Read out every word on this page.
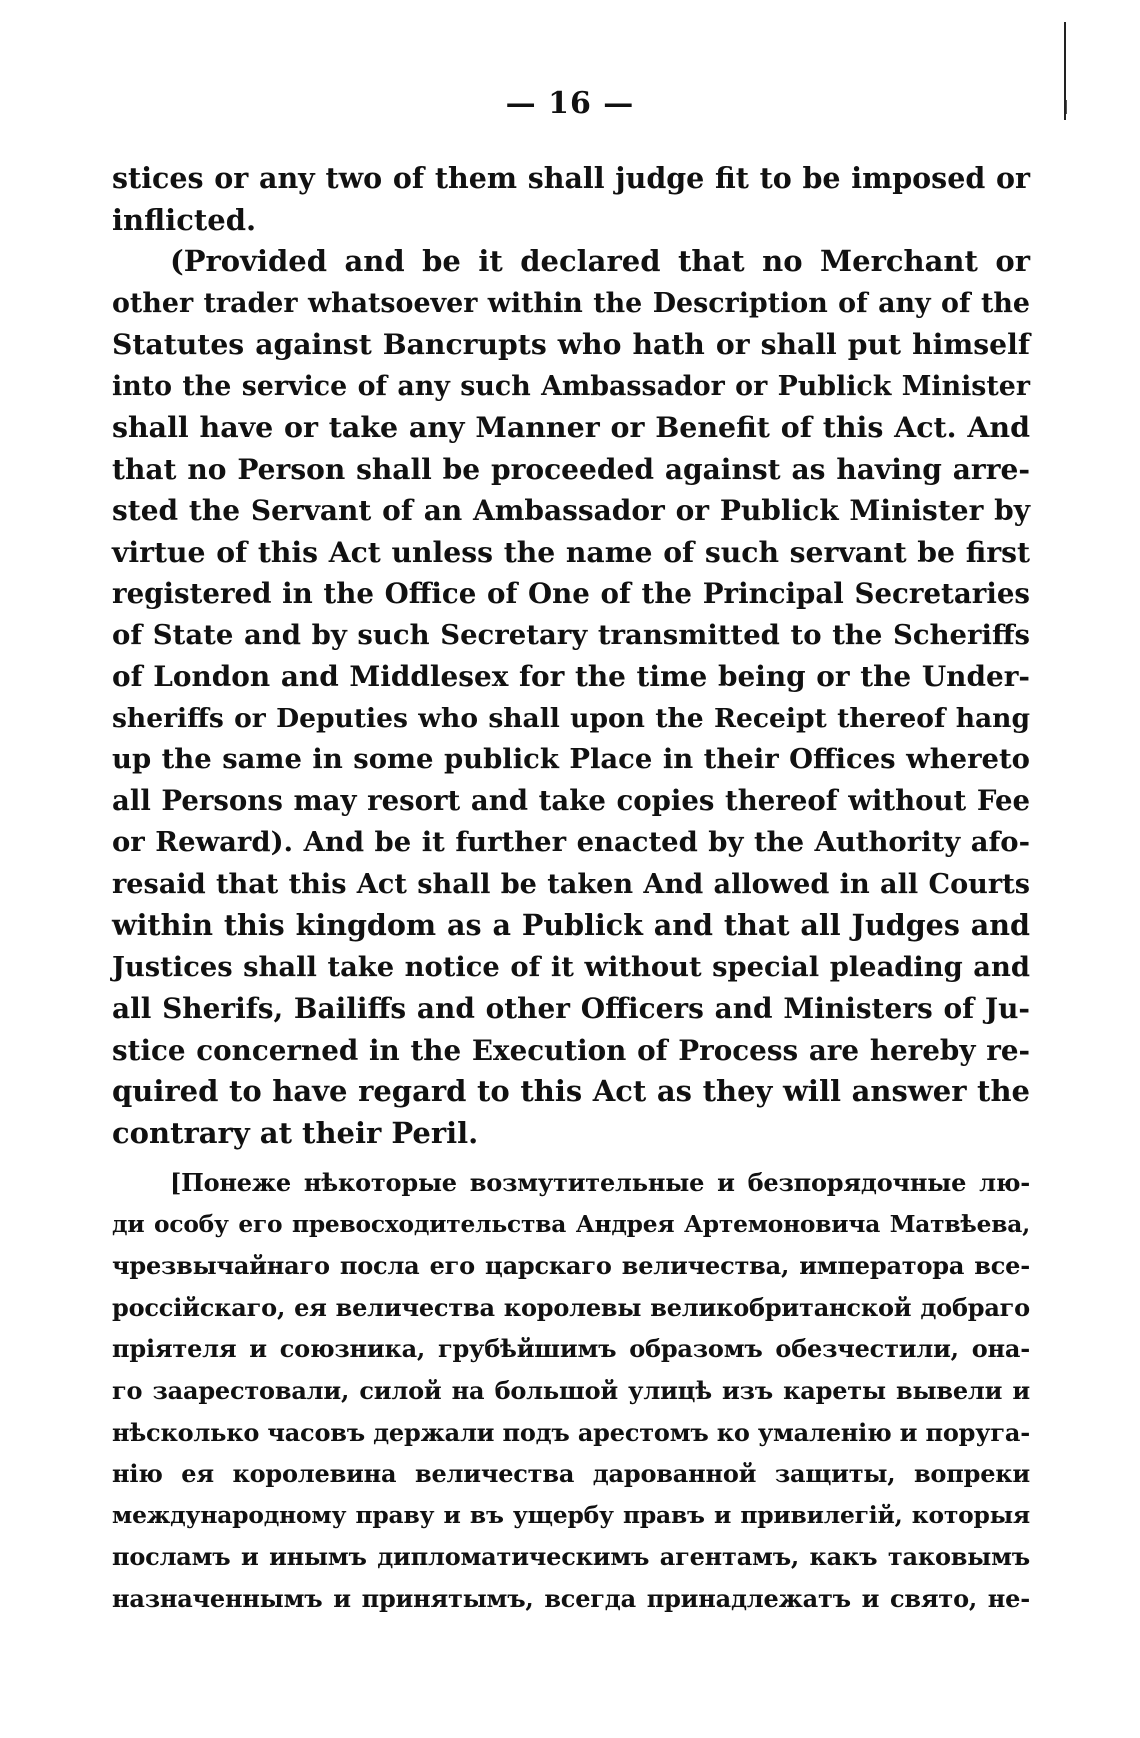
— 16 —
stices or any two of them shall judge fit to be imposed or
inflicted.
(Provided and be it declared that no Merchant or
other trader whatsoever within the Description of any of the
Statutes against Bancrupts who hath or shall put himself
into the service of any such Ambassador or Publick Minister
shall have or take any Manner or Benefit of this Act. And
that no Person shall be proceeded against as having arre-
sted the Servant of an Ambassador or Publick Minister by
virtue of this Act unless the name of such servant be first
registered in the Office of One of the Principal Secretaries
of State and by such Secretary transmitted to the Scheriffs
of London and Middlesex for the time being or the Under-
sheriffs or Deputies who shall upon the Receipt thereof hang
up the same in some publick Place in their Offices whereto
all Persons may resort and take copies thereof without Fee
or Reward). And be it further enacted by the Authority afo-
resaid that this Act shall be taken And allowed in all Courts
within this kingdom as a Publick and that all Judges and
Justices shall take notice of it without special pleading and
all Sherifs, Bailiffs and other Officers and Ministers of Ju-
stice concerned in the Execution of Process are hereby re-
quired to have regard to this Act as they will answer the
contrary at their Peril.
[Понеже нѣкоторые возмутительные и безпорядочные лю-
ди особу его превосходительства Андрея Артемоновича Матвѣева,
чрезвычайнаго посла его царскаго величества, императора все-
россійскаго, ея величества королевы великобританской добраго
пріятеля и союзника, грубѣйшимъ образомъ обезчестили, она-
го заарестовали, силой на большой улицѣ изъ кареты вывели и
нѣсколько часовъ держали подъ арестомъ ко умаленію и поруга-
нію ея королевина величества дарованной защиты, вопреки
международному праву и въ ущербу правъ и привилегій, которыя
посламъ и инымъ дипломатическимъ агентамъ, какъ таковымъ
назначеннымъ и принятымъ, всегда принадлежатъ и свято, не-
